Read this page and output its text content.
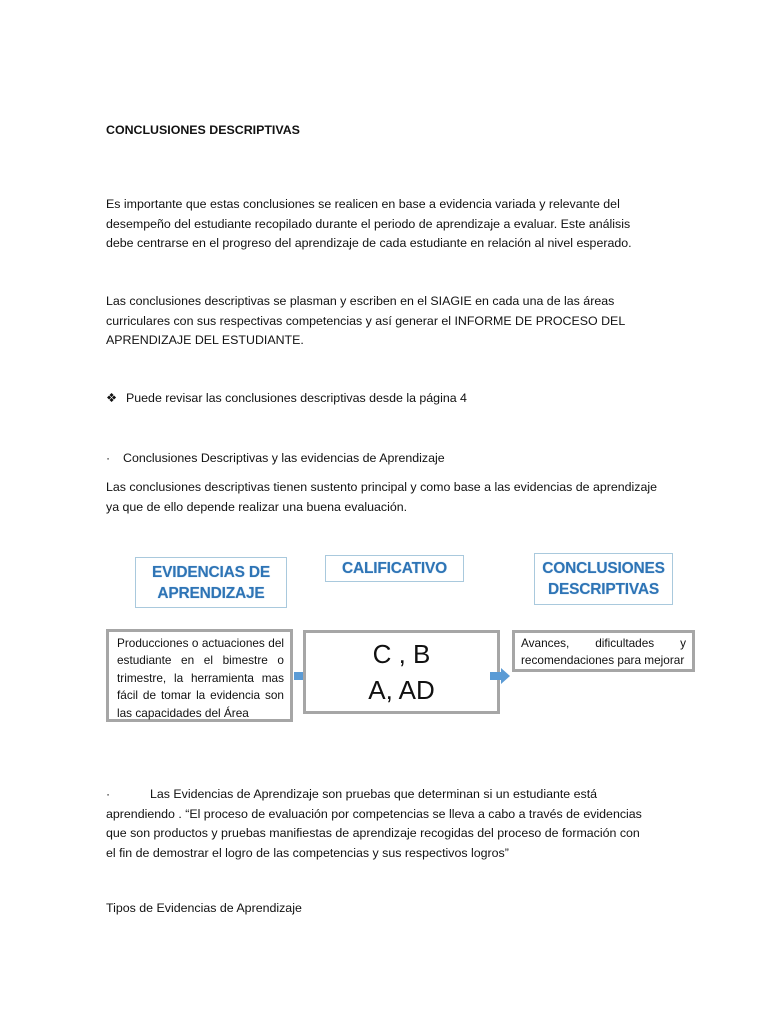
CONCLUSIONES DESCRIPTIVAS
Es importante que estas conclusiones se realicen en base a evidencia variada y relevante del
desempeño del estudiante recopilado durante el periodo de aprendizaje a evaluar. Este análisis
debe centrarse en el progreso del aprendizaje de cada estudiante en relación al nivel esperado.
Las conclusiones descriptivas se plasman y escriben en el SIAGIE en cada una de las áreas
curriculares con sus respectivas competencias y así generar el INFORME DE PROCESO DEL
APRENDIZAJE DEL ESTUDIANTE.
❖ Puede revisar las conclusiones descriptivas desde la página 4
· Conclusiones Descriptivas y las evidencias de Aprendizaje
Las conclusiones descriptivas tienen sustento principal y como base a las evidencias de aprendizaje
ya que de ello depende realizar una buena evaluación.
EVIDENCIAS DE
APRENDIZAJE
CALIFICATIVO	CONCLUSIONES
DESCRIPTIVAS
Producciones o actuaciones del estudiante en el bimestre o trimestre, la herramienta mas fácil de tomar la evidencia son las capacidades del Área
C , B
A, AD
Avances, dificultades y
recomendaciones para mejorar
·	Las Evidencias de Aprendizaje son pruebas que determinan si un estudiante está
aprendiendo . “El proceso de evaluación por competencias se lleva a cabo a través de evidencias
que son productos y pruebas manifiestas de aprendizaje recogidas del proceso de formación con
el fin de demostrar el logro de las competencias y sus respectivos logros”
Tipos de Evidencias de Aprendizaje
